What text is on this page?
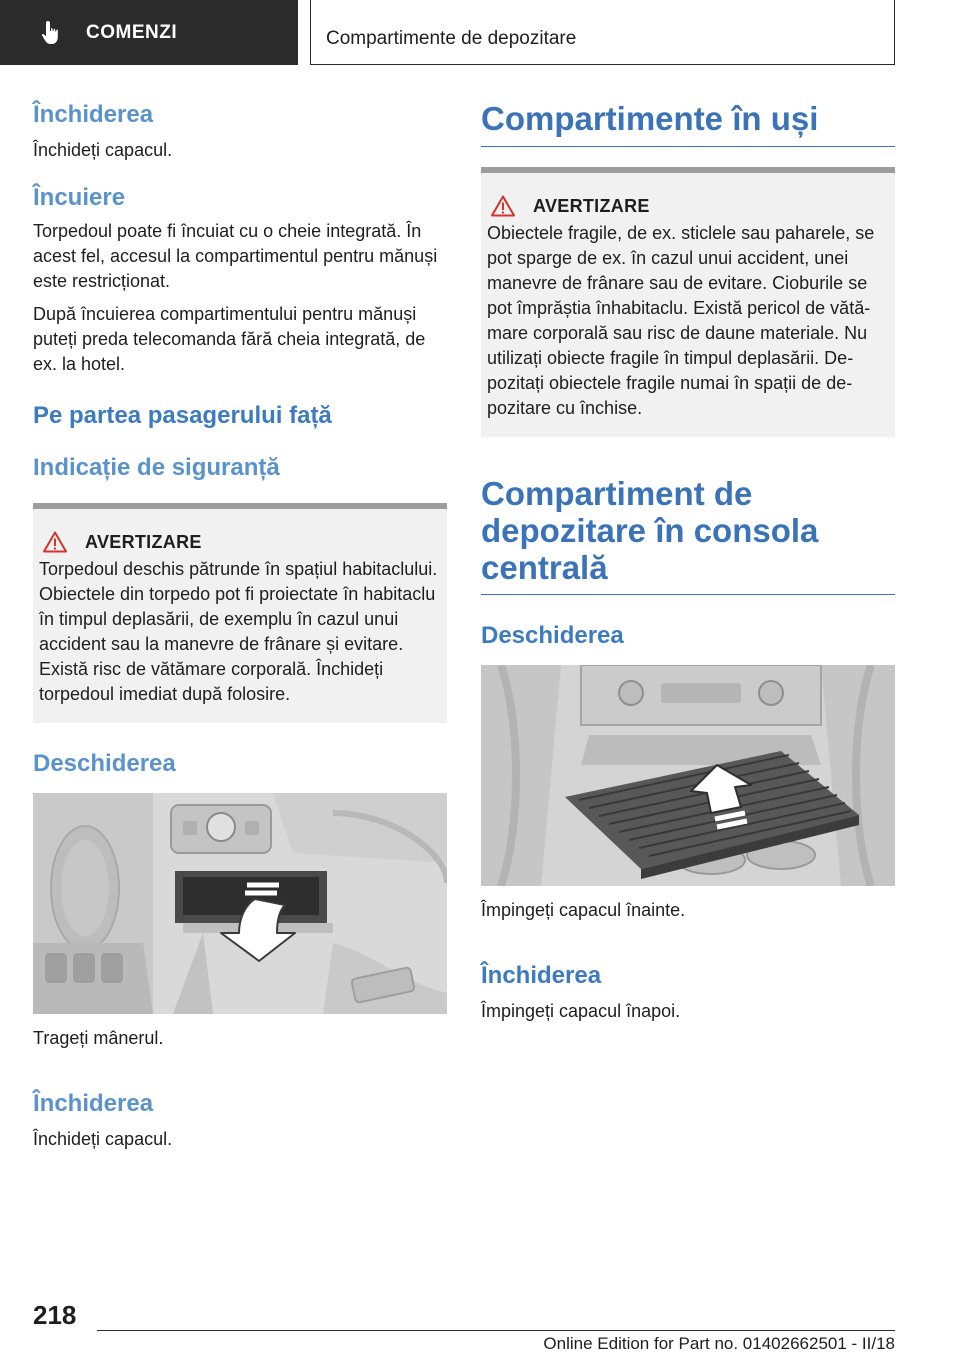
COMENZI	Compartimente de depozitare
Închiderea

Închideți capacul.

Încuiere

Torpedoul poate fi încuiat cu o cheie integrată. În acest fel, accesul la compartimentul pentru mănuși este restricționat.

După încuierea compartimentului pentru mănuși puteți preda telecomanda fără cheia integrată, de ex. la hotel.

Pe partea pasagerului față
Indicație de siguranță
AVERTIZARE

Torpedoul deschis pătrunde în spațiul habitaclului. Obiectele din torpedo pot fi proiectate în habitaclu în timpul deplasării, de exemplu în cazul unui accident sau la manevre de frânare și evitare. Există risc de vătămare corporală. Închideți torpedoul imediat după folosire.

Deschiderea

Trageți mânerul.

Închiderea

Închideți capacul.

Compartimente în uși
AVERTIZARE

Obiectele fragile, de ex. sticlele sau paharele, se pot sparge de ex. în cazul unui accident, unei manevre de frânare sau de evitare. Cioburile se pot împrăștia înhabitaclu. Există pericol de vătămare corporală sau risc de daune materiale. Nu utilizați obiecte fragile în timpul deplasării. Depozitați obiectele fragile numai în spații de depozitare cu închise.

Compartiment de depozitare în consola centrală
Deschiderea

Împingeți capacul înainte.

Închiderea

Împingeți capacul înapoi.

218
Online Edition for Part no. 01402662501 - II/18
